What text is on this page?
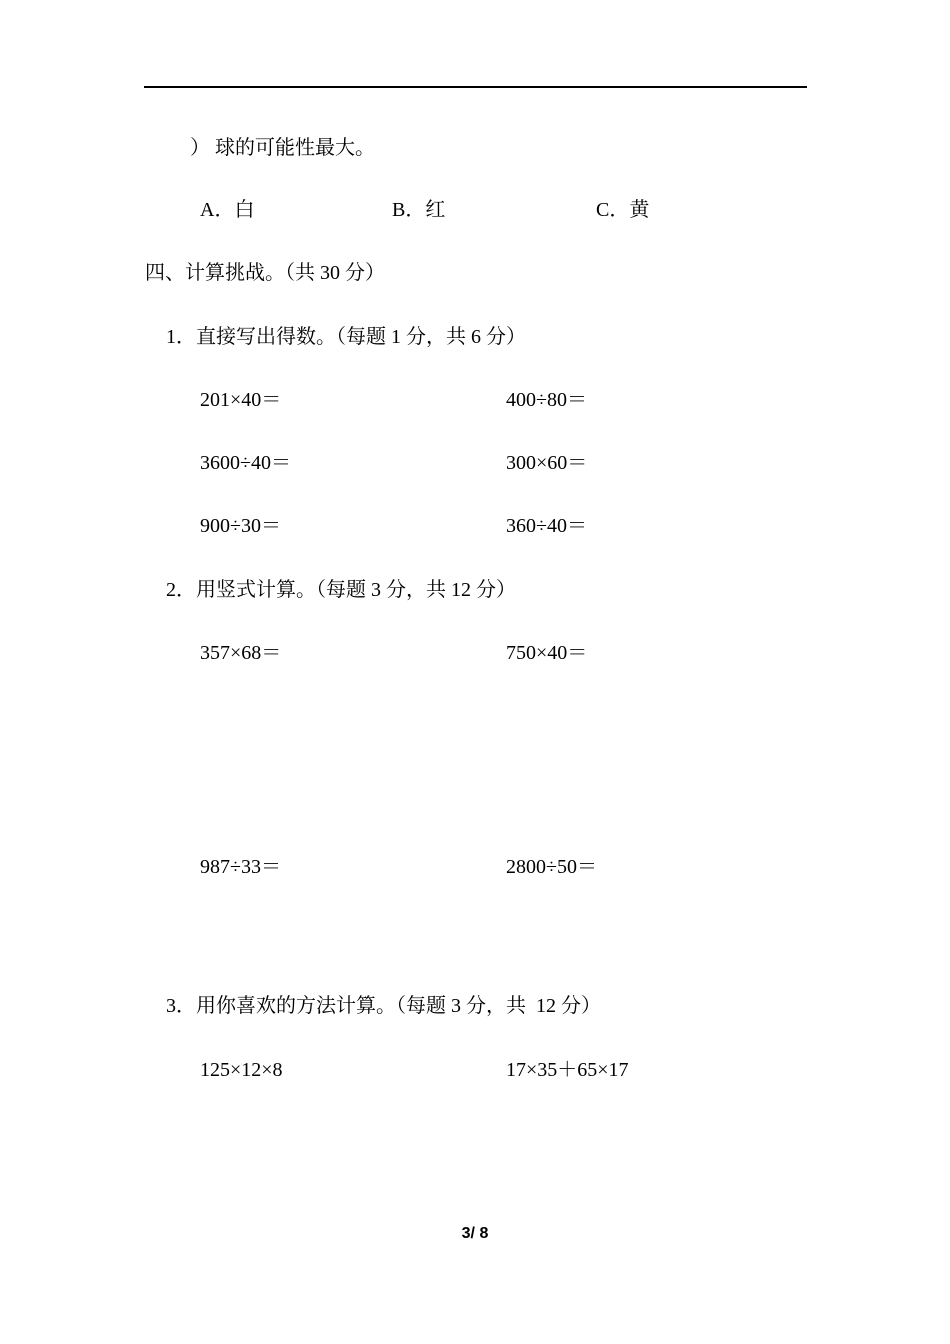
） 球的可能性最大。
A．白	B．红	C．黄
四、计算挑战。（共 30 分）
1．直接写出得数。（每题 1 分，共 6 分）
201×40＝	400÷80＝
3600÷40＝	300×60＝
900÷30＝	360÷40＝
2．用竖式计算。（每题 3 分，共 12 分）
357×68＝	750×40＝
987÷33＝	2800÷50＝
3．用你喜欢的方法计算。（每题 3 分，共  12 分）
125×12×8	17×35＋65×17
3/ 8
